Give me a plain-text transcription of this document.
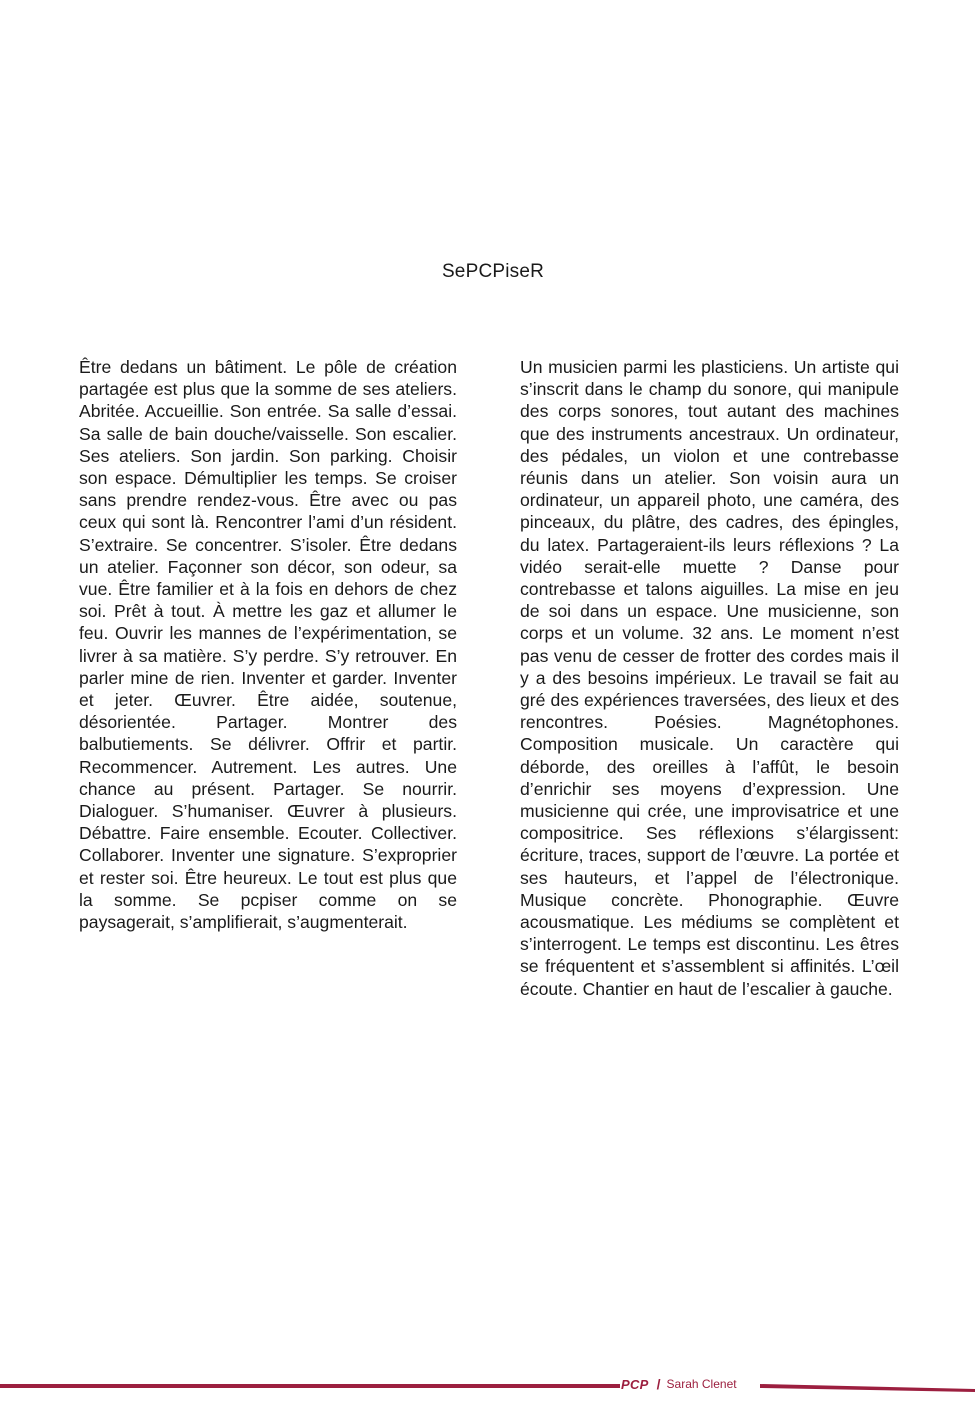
SePCPiseR

Être dedans un bâtiment. Le pôle de création partagée est plus que la somme de ses ateliers. Abritée. Accueillie. Son entrée. Sa salle d’essai. Sa salle de bain douche/vaisselle. Son escalier. Ses ateliers. Son jardin. Son parking. Choisir son espace. Démultiplier les temps. Se croiser sans prendre rendez-vous. Être avec ou pas ceux qui sont là. Rencontrer l’ami d’un résident. S’extraire. Se concentrer. S’isoler. Être dedans un atelier. Façonner son décor, son odeur, sa vue. Être familier et à la fois en dehors de chez soi. Prêt à tout. À mettre les gaz et allumer le feu. Ouvrir les mannes de l’expérimentation, se livrer à sa matière. S’y perdre. S’y retrouver. En parler mine de rien. Inventer et garder. Inventer et jeter. Œuvrer. Être aidée, soutenue, désorientée. Partager. Montrer des balbutiements. Se délivrer. Offrir et partir. Recommencer. Autrement. Les autres. Une chance au présent. Partager. Se nourrir. Dialoguer. S’humaniser. Œuvrer à plusieurs. Débattre. Faire ensemble. Ecouter. Collectiver. Collaborer. Inventer une signature. S’exproprier et rester soi. Être heureux. Le tout est plus que la somme. Se pcpiser comme on se paysagerait, s’amplifierait, s’augmenterait.

Un musicien parmi les plasticiens. Un artiste qui s’inscrit dans le champ du sonore, qui manipule des corps sonores, tout autant des machines que des instruments ancestraux. Un ordinateur, des pédales, un violon et une contrebasse réunis dans un atelier. Son voisin aura un ordinateur, un appareil photo, une caméra, des pinceaux, du plâtre, des cadres, des épingles, du latex. Partageraient-ils leurs réflexions ? La vidéo serait-elle muette ? Danse pour contrebasse et talons aiguilles. La mise en jeu de soi dans un espace. Une musicienne, son corps et un volume. 32 ans. Le moment n’est pas venu de cesser de frotter des cordes mais il y a des besoins impérieux. Le travail se fait au gré des expériences traversées, des lieux et des rencontres. Poésies. Magnétophones. Composition musicale. Un caractère qui déborde, des oreilles à l’affût, le besoin d’enrichir ses moyens d’expression. Une musicienne qui crée, une improvisatrice et une compositrice. Ses réflexions s’élargissent: écriture, traces, support de l’œuvre. La portée et ses hauteurs, et l’appel de l’électronique. Musique concrète. Phonographie. Œuvre acousmatique. Les médiums se complètent et s’interrogent. Le temps est discontinu. Les êtres se fréquentent et s’assemblent si affinités. L’œil écoute. Chantier en haut de l’escalier à gauche.

PCP / Sarah Clenet
